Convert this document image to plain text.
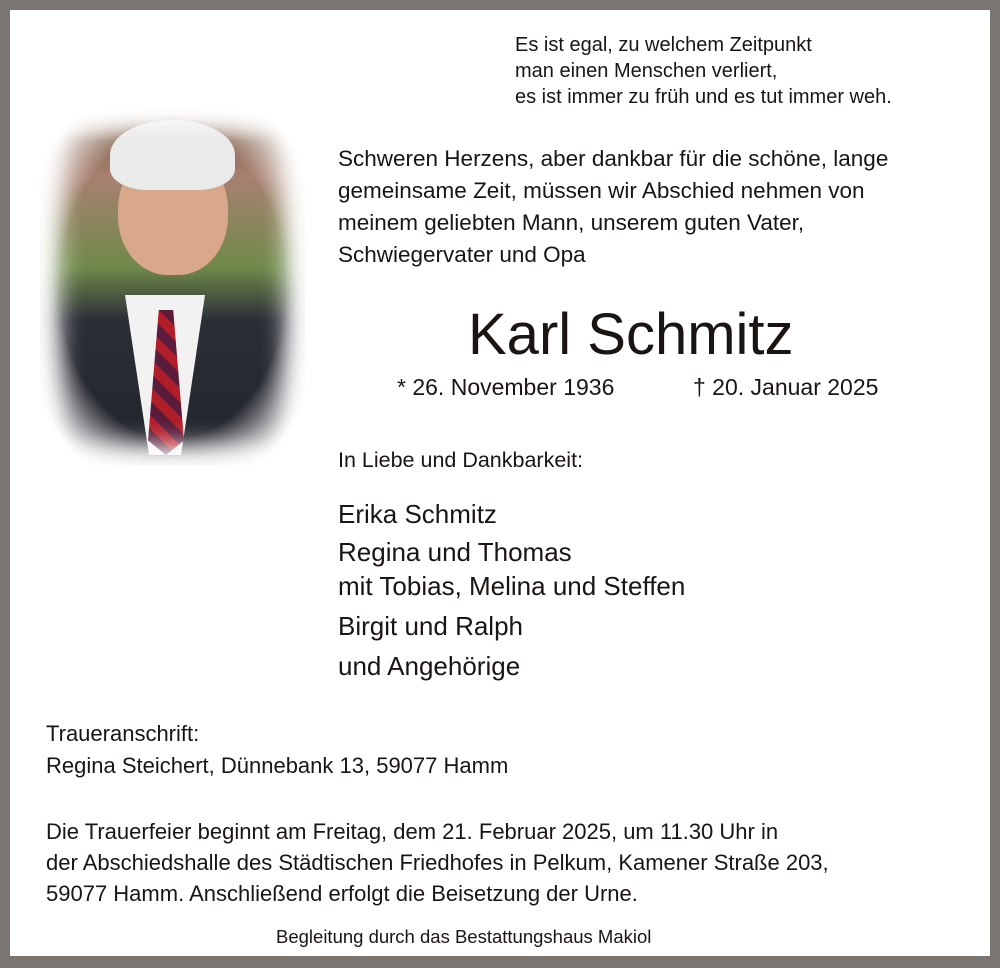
Es ist egal, zu welchem Zeitpunkt
man einen Menschen verliert,
es ist immer zu früh und es tut immer weh.
Schweren Herzens, aber dankbar für die schöne, lange
gemeinsame Zeit, müssen wir Abschied nehmen von
meinem geliebten Mann, unserem guten Vater,
Schwiegervater und Opa
Karl Schmitz
* 26. November 1936	† 20. Januar 2025
In Liebe und Dankbarkeit:
Erika Schmitz
Regina und Thomas
mit Tobias, Melina und Steffen
Birgit und Ralph
und Angehörige
Traueranschrift:
Regina Steichert, Dünnebank 13, 59077 Hamm
Die Trauerfeier beginnt am Freitag, dem 21. Februar 2025, um 11.30 Uhr in
der Abschiedshalle des Städtischen Friedhofes in Pelkum, Kamener Straße 203,
59077 Hamm. Anschließend erfolgt die Beisetzung der Urne.
Begleitung durch das Bestattungshaus Makiol
